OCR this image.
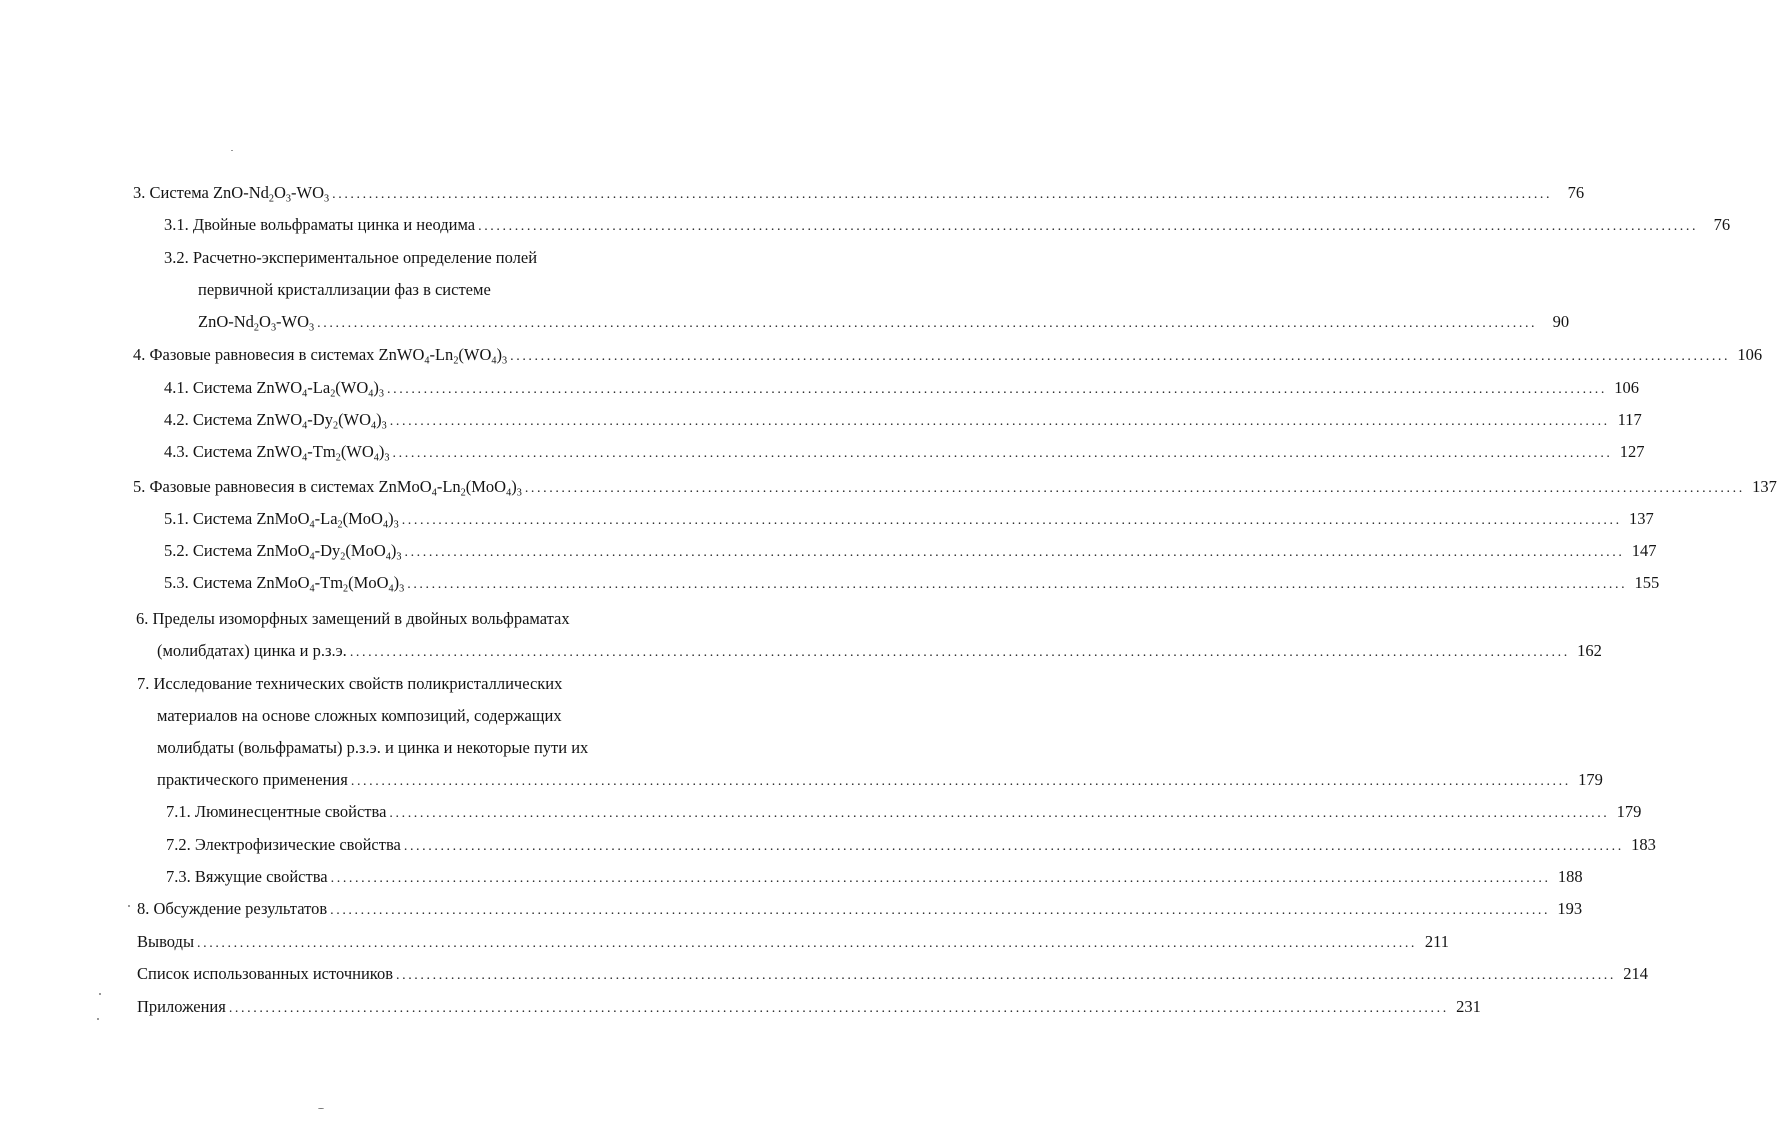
3. Система ZnO-$Nd_2O_3-WO_3$ ........................................................................................................................................................................................................ 76
3.1. Двойные вольфраматы цинка и неодима ........................................................................................................................................................................................................ 76
3.2. Расчетно-экспериментальное определение полей
первичной кристаллизации фаз в системе
ZnO-$Nd_2O_3-WO_3$ ........................................................................................................................................................................................................ 90
4. Фазовые равновесия в системах $ZnWO_4-Ln_2(WO_4)_3$ ........................................................................................................................................................................................................ 106
4.1. Система $ZnWO_4-La_2(WO_4)_3$ ........................................................................................................................................................................................................ 106
4.2. Система $ZnWO_4-Dy_2(WO_4)_3$ ........................................................................................................................................................................................................ 117
4.3. Система $ZnWO_4-Tm_2(WO_4)_3$ ........................................................................................................................................................................................................ 127
5. Фазовые равновесия в системах $ZnMoO_4-Ln_2(MoO_4)_3$ ........................................................................................................................................................................................................ 137
5.1. Система $ZnMoO_4-La_2(MoO_4)_3$ ........................................................................................................................................................................................................ 137
5.2. Система $ZnMoO_4-Dy_2(MoO_4)_3$ ........................................................................................................................................................................................................ 147
5.3. Система $ZnMoO_4-Tm_2(MoO_4)_3$ ........................................................................................................................................................................................................ 155
6. Пределы изоморфных замещений в двойных вольфраматах
(молибдатах) цинка и р.з.э. ........................................................................................................................................................................................................ 162
7. Исследование технических свойств поликристаллических
материалов на основе сложных композиций, содержащих
молибдаты (вольфраматы) р.з.э. и цинка и некоторые пути их
практического применения ........................................................................................................................................................................................................ 179
7.1. Люминесцентные свойства ........................................................................................................................................................................................................ 179
7.2. Электрофизические свойства ........................................................................................................................................................................................................ 183
7.3. Вяжущие свойства ........................................................................................................................................................................................................ 188
8. Обсуждение результатов ........................................................................................................................................................................................................ 193
Выводы ........................................................................................................................................................................................................ 211
Список использованных источников ........................................................................................................................................................................................................ 214
Приложения ........................................................................................................................................................................................................ 231
